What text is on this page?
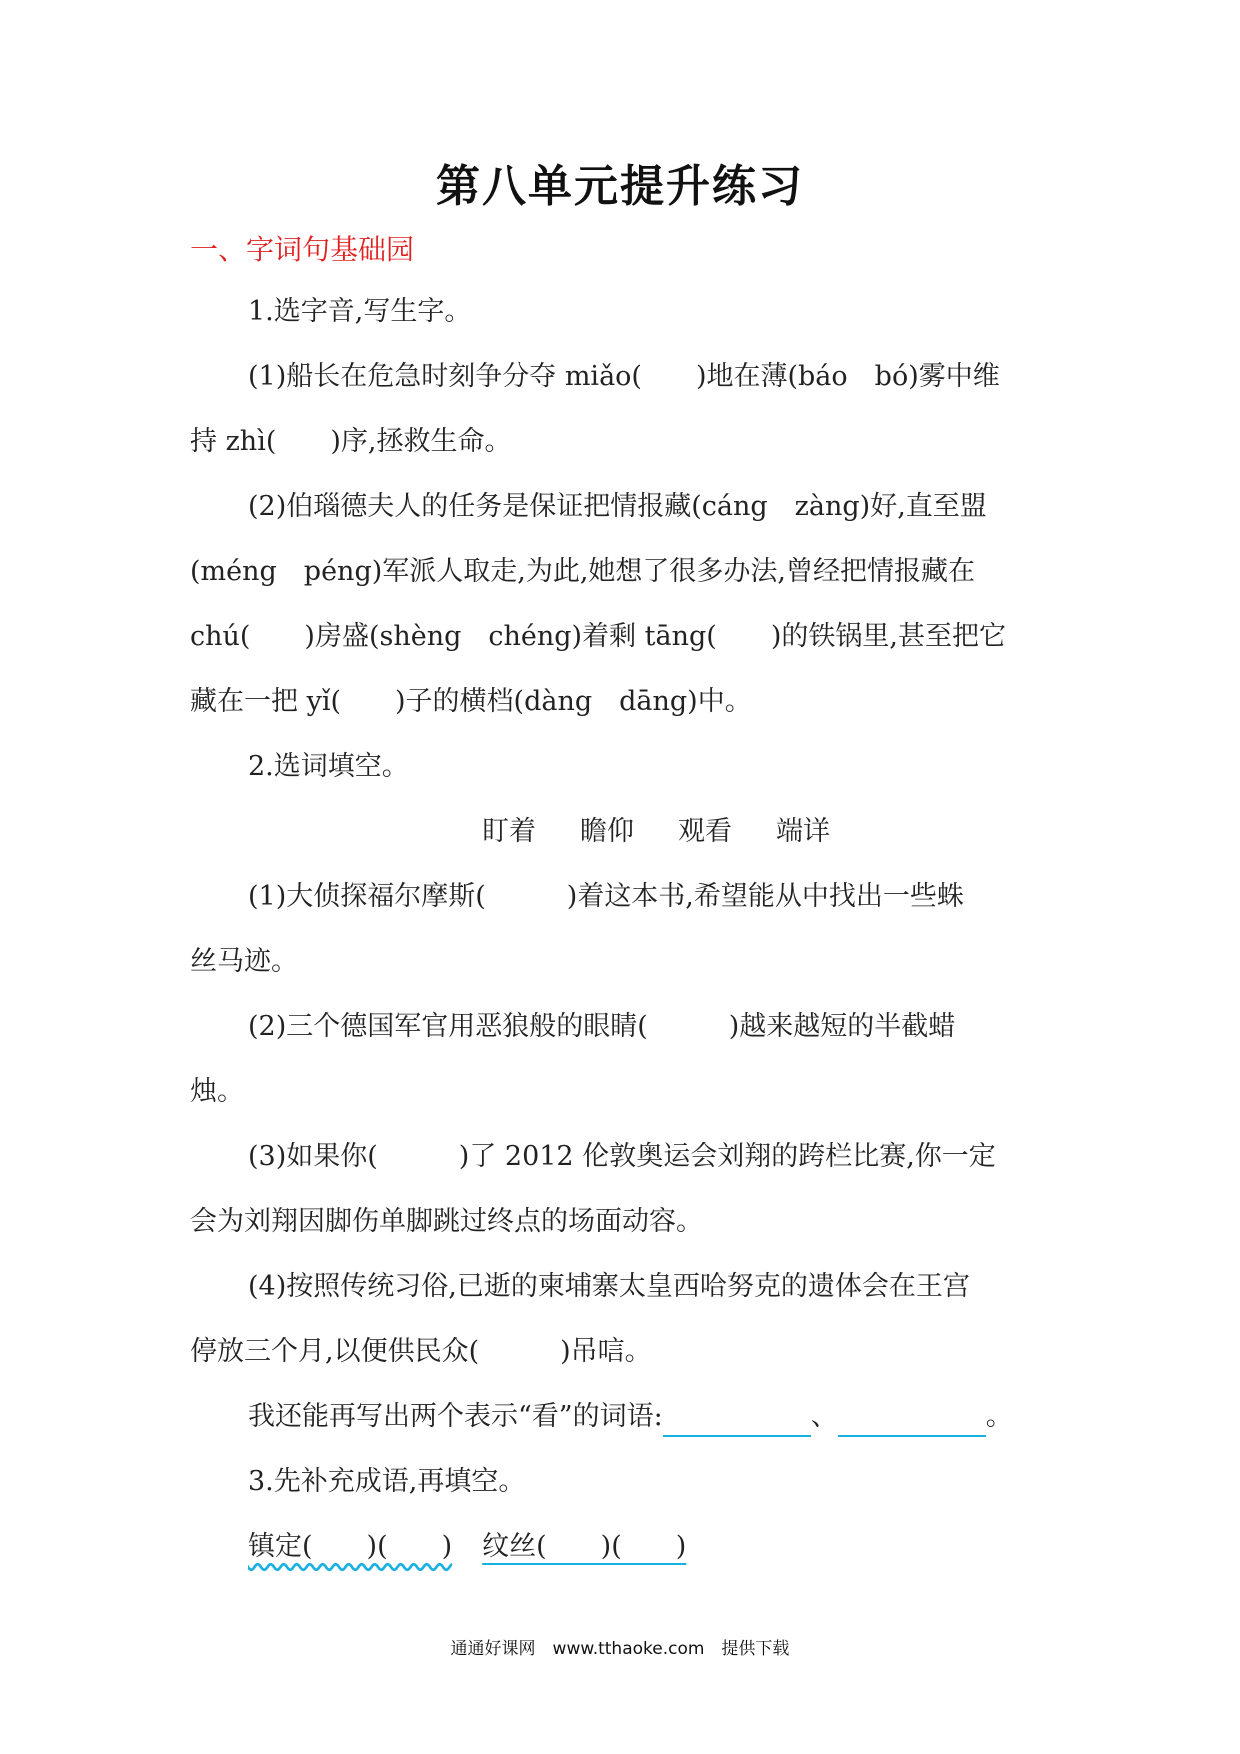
第八单元提升练习
一、字词句基础园
1.选字音,写生字。
(1)船长在危急时刻争分夺 miǎo(　　)地在薄(báo　bó)雾中维
持 zhì(　　)序,拯救生命。
(2)伯瑙德夫人的任务是保证把情报藏(cáng　zàng)好,直至盟
(méng　péng)军派人取走,为此,她想了很多办法,曾经把情报藏在
chú(　　)房盛(shèng　chéng)着剩 tāng(　　)的铁锅里,甚至把它
藏在一把 yǐ(　　)子的横档(dàng　dāng)中。
2.选词填空。
盯着 瞻仰 观看 端详
(1)大侦探福尔摩斯(　　　)着这本书,希望能从中找出一些蛛
丝马迹。
(2)三个德国军官用恶狼般的眼睛(　　　)越来越短的半截蜡
烛。
(3)如果你(　　　)了 2012 伦敦奥运会刘翔的跨栏比赛,你一定
会为刘翔因脚伤单脚跳过终点的场面动容。
(4)按照传统习俗,已逝的柬埔寨太皇西哈努克的遗体会在王宫
停放三个月,以便供民众(　　　)吊唁。
我还能再写出两个表示“看”的词语:	、	。
3.先补充成语,再填空。
镇定(　　)(　　) 纹丝(　　)(　　)
通通好课网　www.tthaoke.com　提供下载
